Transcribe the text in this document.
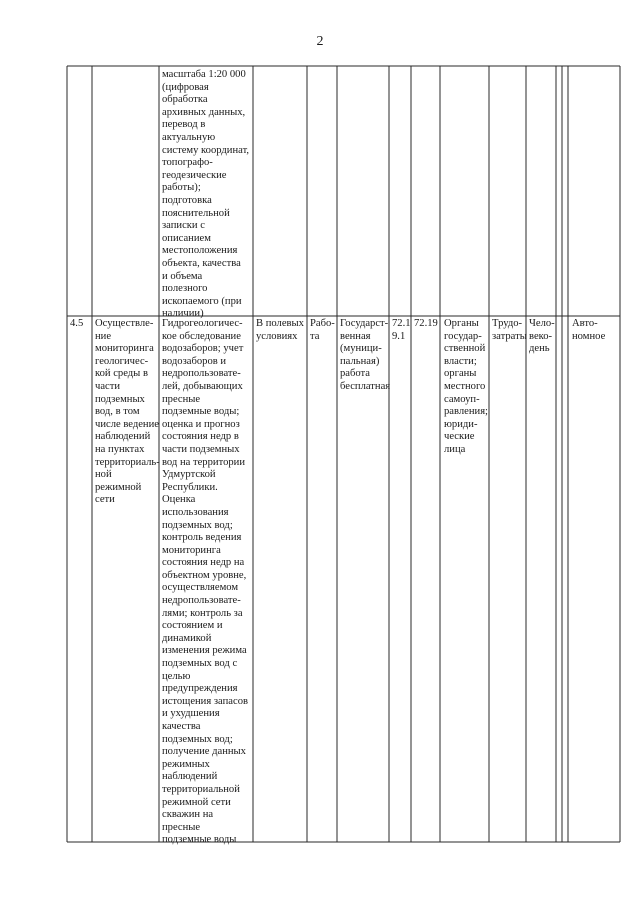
2
масштаба 1:20 000
(цифровая
обработка
архивных данных,
перевод в
актуальную
систему координат,
топографо-
геодезические
работы);
подготовка
пояснительной
записки с
описанием
местоположения
объекта, качества
и объема
полезного
ископаемого (при
наличии)
4.5	Осуществле-
ние
мониторинга
геологичес-
кой среды в
части
подземных
вод, в том
числе ведение
наблюдений
на пунктах
территориаль-
ной
режимной
сети
Гидрогеологичес-
кое обследование
водозаборов; учет
водозаборов и
недропользовате-
лей, добывающих
пресные
подземные воды;
оценка и прогноз
состояния недр в
части подземных
вод на территории
Удмуртской
Республики.
Оценка
использования
подземных вод;
контроль ведения
мониторинга
состояния недр на
объектном уровне,
осуществляемом
недропользовате-
лями; контроль за
состоянием и
динамикой
изменения режима
подземных вод с
целью
предупреждения
истощения запасов
и ухудшения
качества
подземных вод;
получение данных
режимных
наблюдений
территориальной
режимной сети
скважин на
пресные
подземные воды
В полевых
условиях
Рабо-
та
Государст-
венная
(муници-
пальная)
работа
бесплатная
72.1
9.1
72.19 Органы
государ-
ственной
власти;
органы
местного
самоуп-
равления;
юриди-
ческие
лица
Трудо-
затраты
Чело-
веко-
день
Авто-
номное
